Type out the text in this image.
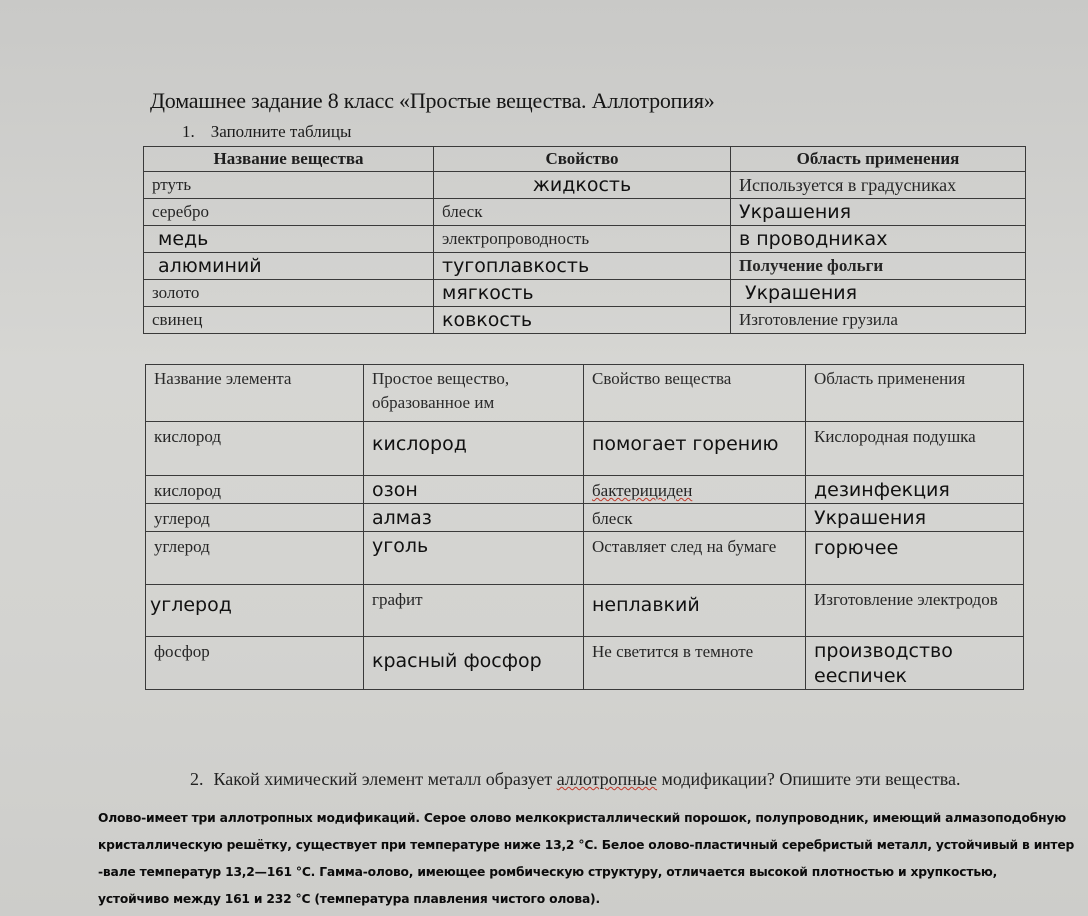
Домашнее задание 8 класс «Простые вещества. Аллотропия»
1. Заполните таблицы
Название вещества	Свойство	Область применения
ртуть	жидкость	Используется в градусниках
серебро	блеск	Украшения
медь	электропроводность	в проводниках
алюминий	тугоплавкость	Получение фольги
золото	мягкость	Украшения
свинец	ковкость	Изготовление грузила
Название элемента	Простое вещество, образованное им	Свойство вещества	Область применения
кислород	кислород	помогает горению	Кислородная подушка
кислород	озон	бактерициден	дезинфекция
углерод	алмаз	блеск	Украшения
углерод	уголь	Оставляет след на бумаге	горючее
углерод	графит	неплавкий	Изготовление электродов
фосфор	красный фосфор	Не светится в темноте	производство ееспичек
2. Какой химический элемент металл образует аллотропные модификации? Опишите эти вещества.
Олово-имеет три аллотропных модификаций. Серое олово мелкокристаллический порошок, полупроводник, имеющий алмазоподобную
кристаллическую решётку, существует при температуре ниже 13,2 °С. Белое олово-пластичный серебристый металл, устойчивый в интер
-вале температур 13,2—161 °С. Гамма-олово, имеющее ромбическую структуру, отличается высокой плотностью и хрупкостью,
устойчиво между 161 и 232 °С (температура плавления чистого олова).
